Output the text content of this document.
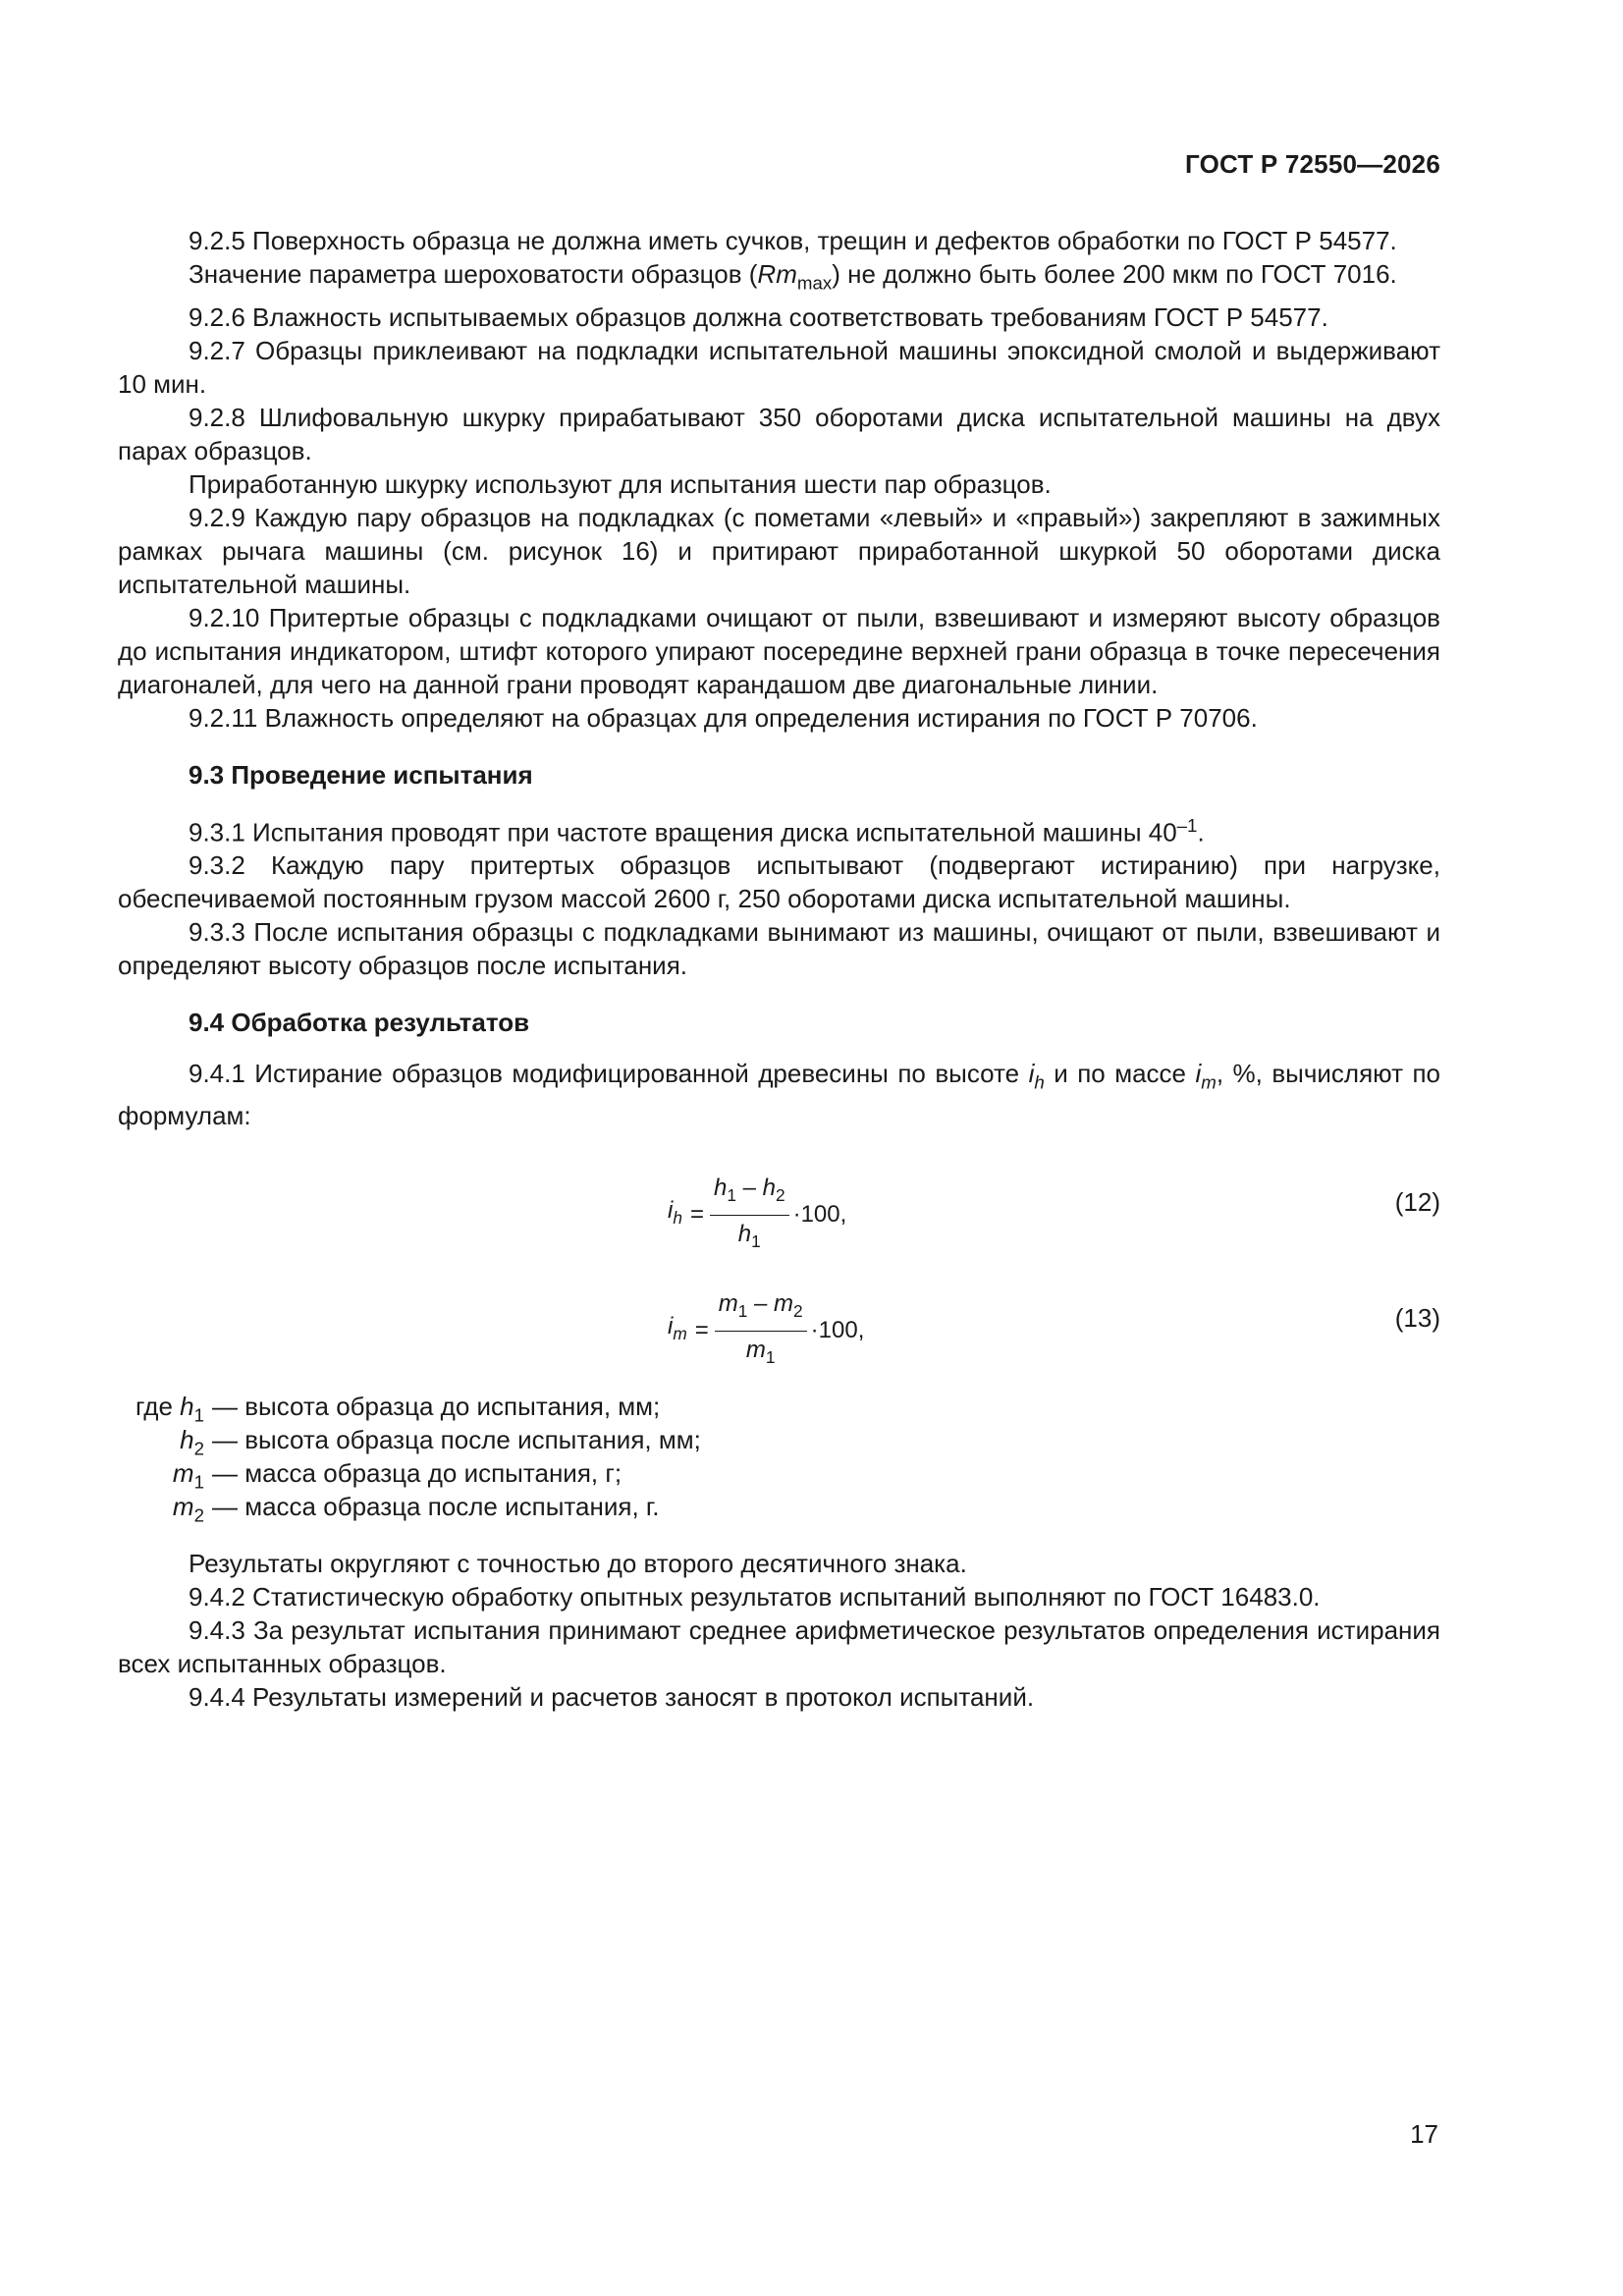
ГОСТ Р 72550—2026

9.2.5 Поверхность образца не должна иметь сучков, трещин и дефектов обработки по ГОСТ Р 54577.

Значение параметра шероховатости образцов $(Rm_{max})$ не должно быть более 200 мкм по ГОСТ 7016.

9.2.6 Влажность испытываемых образцов должна соответствовать требованиям ГОСТ Р 54577.

9.2.7 Образцы приклеивают на подкладки испытательной машины эпоксидной смолой и выдерживают 10 мин.

9.2.8 Шлифовальную шкурку прирабатывают 350 оборотами диска испытательной машины на двух парах образцов.

Приработанную шкурку используют для испытания шести пар образцов.

9.2.9 Каждую пару образцов на подкладках (с пометами «левый» и «правый») закрепляют в зажимных рамках рычага машины (см. рисунок 16) и притирают приработанной шкуркой 50 оборотами диска испытательной машины.

9.2.10 Притертые образцы с подкладками очищают от пыли, взвешивают и измеряют высоту образцов до испытания индикатором, штифт которого упирают посередине верхней грани образца в точке пересечения диагоналей, для чего на данной грани проводят карандашом две диагональные линии.

9.2.11 Влажность определяют на образцах для определения истирания по ГОСТ Р 70706.

9.3 Проведение испытания

9.3.1 Испытания проводят при частоте вращения диска испытательной машины $40^{-1}$.

9.3.2 Каждую пару притертых образцов испытывают (подвергают истиранию) при нагрузке, обеспечиваемой постоянным грузом массой 2600 г, 250 оборотами диска испытательной машины.

9.3.3 После испытания образцы с подкладками вынимают из машины, очищают от пыли, взвешивают и определяют высоту образцов после испытания.

9.4 Обработка результатов

9.4.1 Истирание образцов модифицированной древесины по высоте $i_h$ и по массе $i_m$, %, вычисляют по формулам:

$i_h = \frac{h_1 - h_2}{h_1} \cdot 100$,	(12)
$i_m = \frac{m_1 - m_2}{m_1} \cdot 100$,	(13)
где $h_1$ — высота образца до испытания, мм;
$h_2$ — высота образца после испытания, мм;
$m_1$ — масса образца до испытания, г;
$m_2$ — масса образца после испытания, г.

Результаты округляют с точностью до второго десятичного знака.

9.4.2 Статистическую обработку опытных результатов испытаний выполняют по ГОСТ 16483.0.

9.4.3 За результат испытания принимают среднее арифметическое результатов определения истирания всех испытанных образцов.

9.4.4 Результаты измерений и расчетов заносят в протокол испытаний.

17
